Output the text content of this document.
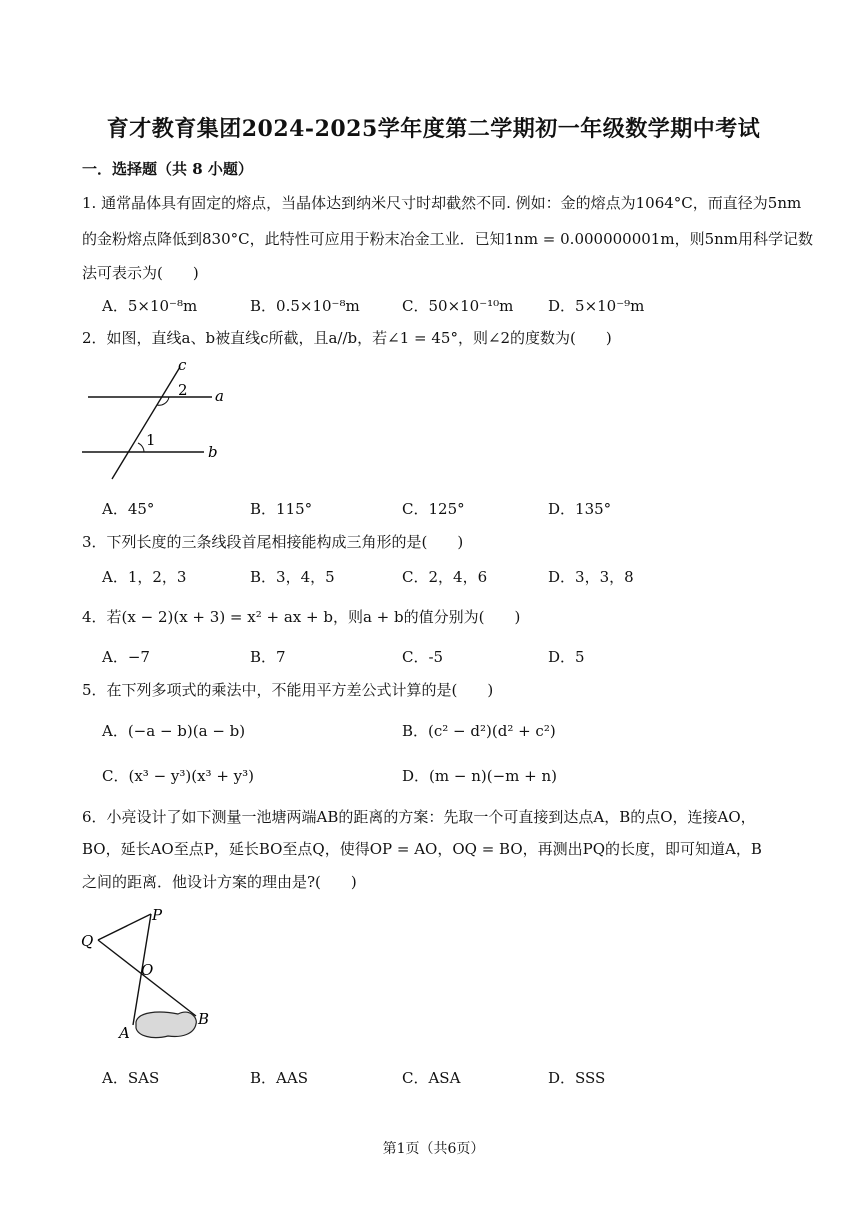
育才教育集团2024-2025学年度第二学期初一年级数学期中考试
一．选择题（共 8 小题）
1. 通常晶体具有固定的熔点，当晶体达到纳米尺寸时却截然不同. 例如：金的熔点为1064°C，而直径为5nm
的金粉熔点降低到830°C，此特性可应用于粉末冶金工业．已知1nm = 0.000000001m，则5nm用科学记数
法可表示为(　　)
A．5×10⁻⁸m	B．0.5×10⁻⁸m	C．50×10⁻¹⁰m D．5×10⁻⁹m
2．如图，直线a、b被直线c所截，且a//b，若∠1 = 45°，则∠2的度数为(　　)
c
2 a
1
b
A．45°	B．115°	C．125°	D．135°
3．下列长度的三条线段首尾相接能构成三角形的是(　　)
A．1，2，3	B．3，4，5	C．2，4，6	D．3，3，8
4．若(x − 2)(x + 3) = x² + ax + b，则a + b的值分别为(　　)
A．−7	B．7	C．-5	D．5
5．在下列多项式的乘法中，不能用平方差公式计算的是(　　)
A．(−a − b)(a − b)	B．(c² − d²)(d² + c²)
C．(x³ − y³)(x³ + y³)	D．(m − n)(−m + n)
6．小亮设计了如下测量一池塘两端AB的距离的方案：先取一个可直接到达点A，B的点O，连接AO，
BO，延长AO至点P，延长BO至点Q，使得OP = AO，OQ = BO，再测出PQ的长度，即可知道A，B
之间的距离．他设计方案的理由是?(　　)
P
Q
O
A
B
A．SAS	B．AAS	C．ASA	D．SSS
第1页（共6页）
